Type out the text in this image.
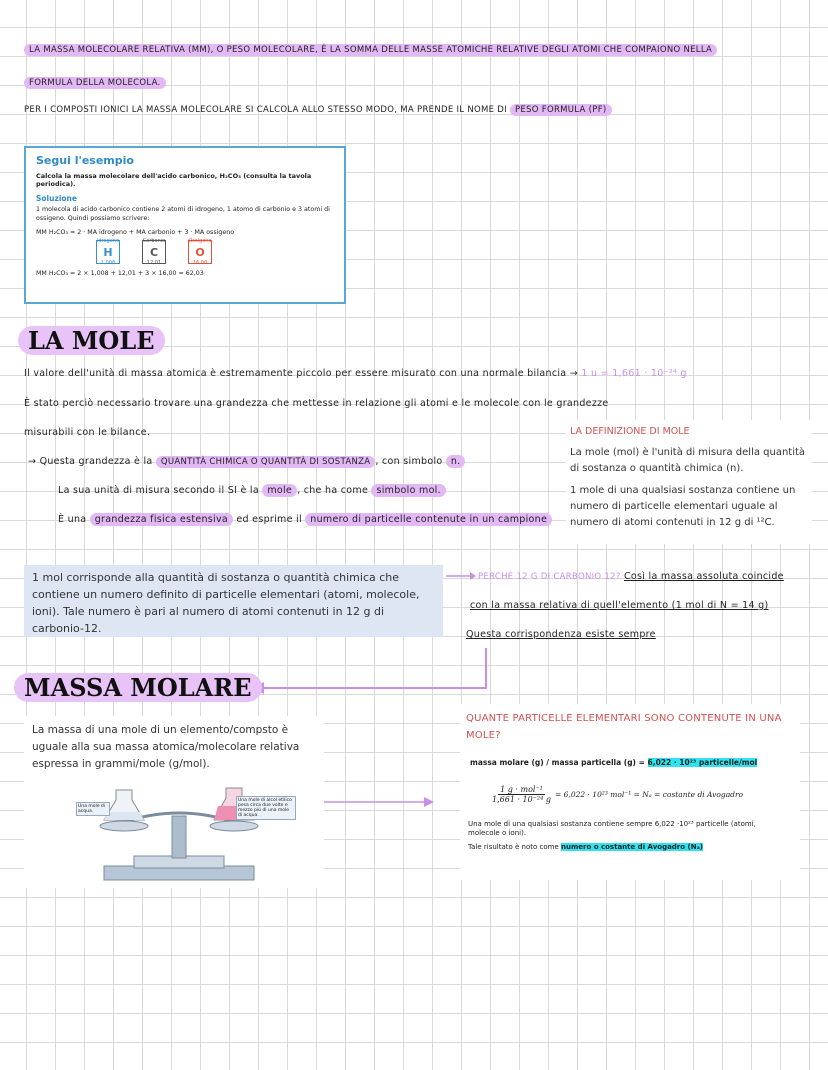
LA MASSA MOLECOLARE RELATIVA (MM), O PESO MOLECOLARE, È LA SOMMA DELLE MASSE ATOMICHE RELATIVE DEGLI ATOMI CHE COMPAIONO NELLA
FORMULA DELLA MOLECOLA.
PER I COMPOSTI IONICI LA MASSA MOLECOLARE SI CALCOLA ALLO STESSO MODO, MA PRENDE IL NOME DI PESO FORMULA (PF)
Segui l'esempio
Calcola la massa molecolare dell'acido carbonico, H₂CO₃ (consulta la tavola periodica).
Soluzione
1 molecola di acido carbonico contiene 2 atomi di idrogeno, 1 atomo di carbonio e 3 atomi di ossigeno. Quindi possiamo scrivere:
MM H₂CO₃ = 2 · MA idrogeno + MA carbonio + 3 · MA ossigeno
Idrogeno
H
1,008
Carbonio
C
12,01
Ossigeno
O
16,00
MM H₂CO₃ = 2 × 1,008 + 12,01 + 3 × 16,00 = 62,03
LA MOLE
Il valore dell'unità di massa atomica è estremamente piccolo per essere misurato con una normale bilancia → 1 u = 1,661 · 10⁻²⁴ g
È stato perciò necessario trovare una grandezza che mettesse in relazione gli atomi e le molecole con le grandezze
misurabili con le bilance.
→ Questa grandezza è la QUANTITÀ CHIMICA O QUANTITÀ DI SOSTANZA , con simbolo n.
La sua unità di misura secondo il SI è la mole , che ha come simbolo mol.
È una grandezza fisica estensiva ed esprime il numero di particelle contenute in un campione
LA DEFINIZIONE DI MOLE
La mole (mol) è l'unità di misura della quantità di sostanza o quantità chimica (n).
1 mole di una qualsiasi sostanza contiene un numero di particelle elementari uguale al numero di atomi contenuti in 12 g di ¹²C.
1 mol corrisponde alla quantità di sostanza o quantità chimica che contiene un numero definito di particelle elementari (atomi, molecole, ioni). Tale numero è pari al numero di atomi contenuti in 12 g di carbonio-12.
PERCHÉ 12 G DI CARBONIO 12? Così la massa assoluta coincide
con la massa relativa di quell'elemento (1 mol di N = 14 g)
Questa corrispondenza esiste sempre
MASSA MOLARE
La massa di una mole di un elemento/compsto è uguale alla sua massa atomica/molecolare relativa espressa in grammi/mole (g/mol).
Una mole di acqua.
Una mole di alcol etilico pesa circa due volte e mezzo più di una mole di acqua.
QUANTE PARTICELLE ELEMENTARI SONO CONTENUTE IN UNA MOLE?
massa molare (g) / massa particella (g) = 6,022 · 10²³ particelle/mol
$\frac{\text{1 g · mol⁻¹}}{\text{1,661 · 10⁻²⁴ g}} = 6,022 \cdot 10^{23}$ mol⁻¹ = Nₐ = costante di Avogadro
Una mole di una qualsiasi sostanza contiene sempre 6,022 ·10²³ particelle (atomi, molecole o ioni).
Tale risultato è noto come numero o costante di Avogadro (Nₐ)
